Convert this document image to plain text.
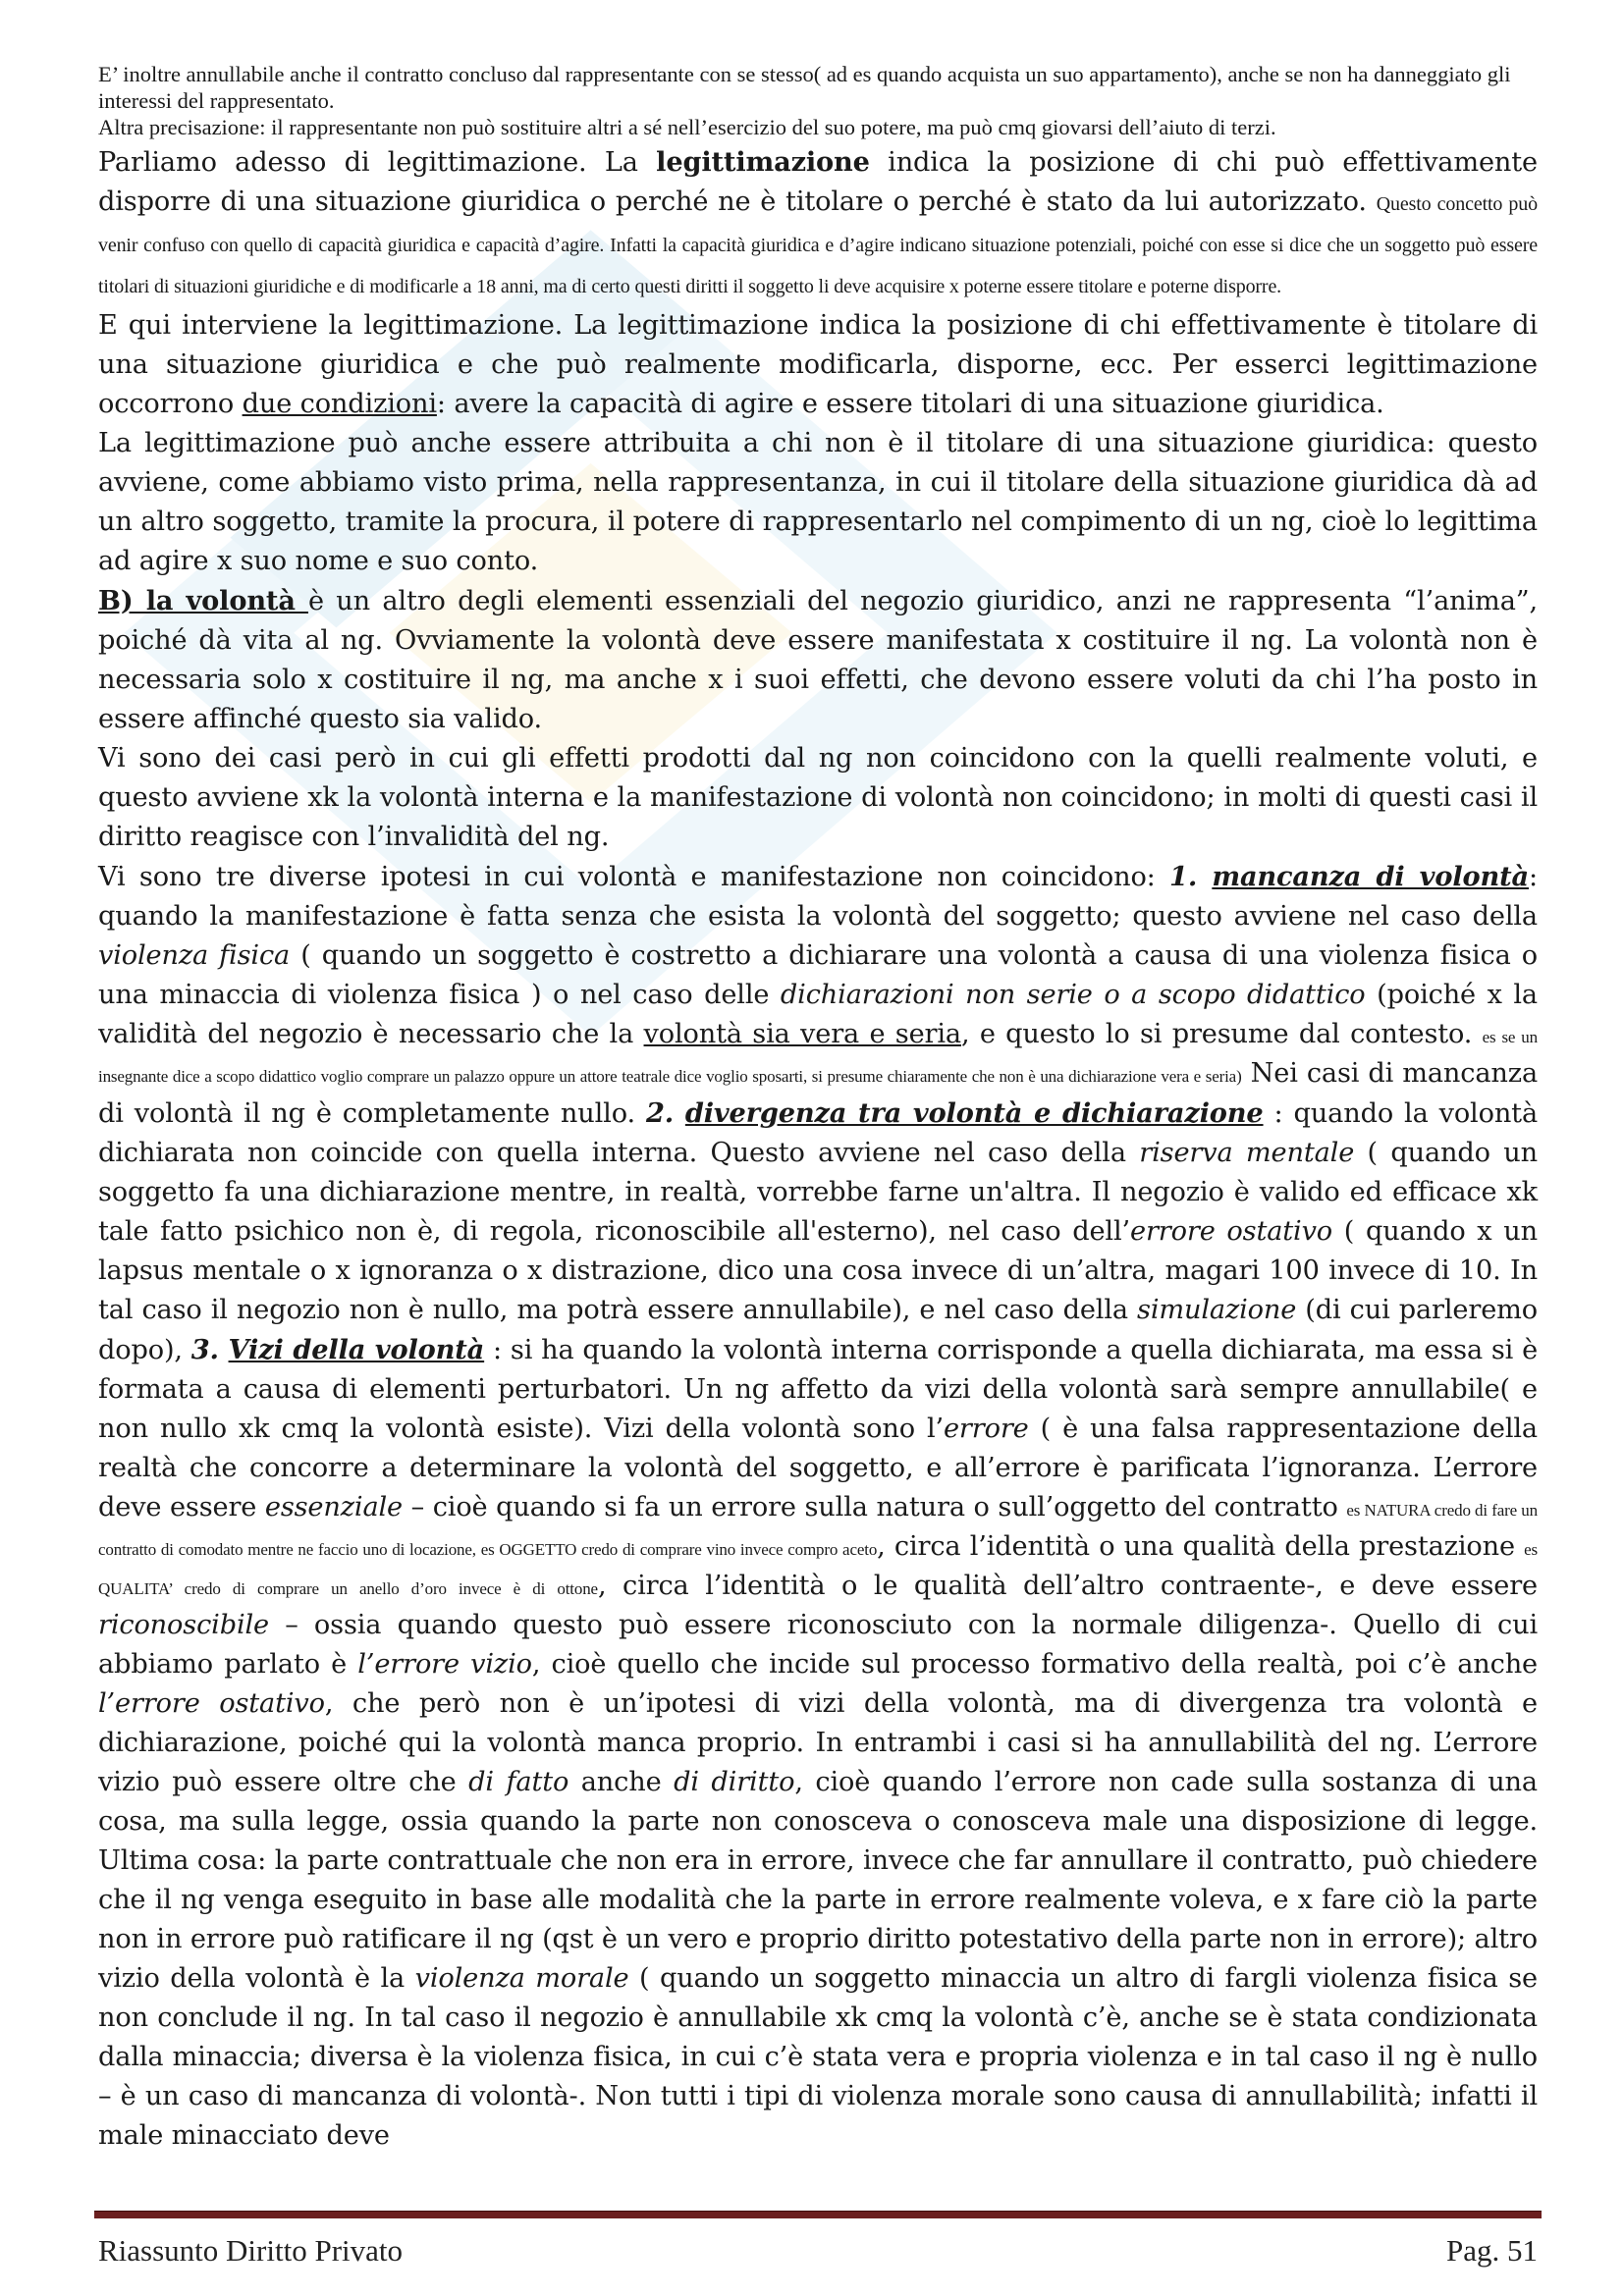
E’ inoltre annullabile anche il contratto concluso dal rappresentante con se stesso( ad es quando acquista un suo appartamento), anche se non ha danneggiato gli interessi del rappresentato.
Altra precisazione: il rappresentante non può sostituire altri a sé nell’esercizio del suo potere, ma può cmq giovarsi dell’aiuto di terzi.

Parliamo adesso di legittimazione. La legittimazione indica la posizione di chi può effettivamente disporre di una situazione giuridica o perché ne è titolare o perché è stato da lui autorizzato. Questo concetto può venir confuso con quello di capacità giuridica e capacità d’agire. Infatti la capacità giuridica e d’agire indicano situazione potenziali, poiché con esse si dice che un soggetto può essere titolari di situazioni giuridiche e di modificarle a 18 anni, ma di certo questi diritti il soggetto li deve acquisire x poterne essere titolare e poterne disporre.

E qui interviene la legittimazione. La legittimazione indica la posizione di chi effettivamente è titolare di una situazione giuridica e che può realmente modificarla, disporne, ecc. Per esserci legittimazione occorrono due condizioni: avere la capacità di agire e essere titolari di una situazione giuridica.

La legittimazione può anche essere attribuita a chi non è il titolare di una situazione giuridica: questo avviene, come abbiamo visto prima, nella rappresentanza, in cui il titolare della situazione giuridica dà ad un altro soggetto, tramite la procura, il potere di rappresentarlo nel compimento di un ng, cioè lo legittima ad agire x suo nome e suo conto.

B) la volontà è un altro degli elementi essenziali del negozio giuridico, anzi ne rappresenta “l’anima”, poiché dà vita al ng. Ovviamente la volontà deve essere manifestata x costituire il ng. La volontà non è necessaria solo x costituire il ng, ma anche x i suoi effetti, che devono essere voluti da chi l’ha posto in essere affinché questo sia valido.

Vi sono dei casi però in cui gli effetti prodotti dal ng non coincidono con la quelli realmente voluti, e questo avviene xk la volontà interna e la manifestazione di volontà non coincidono; in molti di questi casi il diritto reagisce con l’invalidità del ng.

Vi sono tre diverse ipotesi in cui volontà e manifestazione non coincidono: 1. mancanza di volontà: quando la manifestazione è fatta senza che esista la volontà del soggetto; questo avviene nel caso della violenza fisica ( quando un soggetto è costretto a dichiarare una volontà a causa di una violenza fisica o una minaccia di violenza fisica ) o nel caso delle dichiarazioni non serie o a scopo didattico (poiché x la validità del negozio è necessario che la volontà sia vera e seria, e questo lo si presume dal contesto. es se un insegnante dice a scopo didattico voglio comprare un palazzo oppure un attore teatrale dice voglio sposarti, si presume chiaramente che non è una dichiarazione vera e seria) Nei casi di mancanza di volontà il ng è completamente nullo. 2. divergenza tra volontà e dichiarazione : quando la volontà dichiarata non coincide con quella interna. Questo avviene nel caso della riserva mentale ( quando un soggetto fa una dichiarazione mentre, in realtà, vorrebbe farne un'altra. Il negozio è valido ed efficace xk tale fatto psichico non è, di regola, riconoscibile all'esterno), nel caso dell’errore ostativo ( quando x un lapsus mentale o x ignoranza o x distrazione, dico una cosa invece di un’altra, magari 100 invece di 10. In tal caso il negozio non è nullo, ma potrà essere annullabile), e nel caso della simulazione (di cui parleremo dopo), 3. Vizi della volontà : si ha quando la volontà interna corrisponde a quella dichiarata, ma essa si è formata a causa di elementi perturbatori. Un ng affetto da vizi della volontà sarà sempre annullabile( e non nullo xk cmq la volontà esiste). Vizi della volontà sono l’errore ( è una falsa rappresentazione della realtà che concorre a determinare la volontà del soggetto, e all’errore è parificata l’ignoranza. L’errore deve essere essenziale – cioè quando si fa un errore sulla natura o sull’oggetto del contratto es NATURA credo di fare un contratto di comodato mentre ne faccio uno di locazione, es OGGETTO credo di comprare vino invece compro aceto, circa l’identità o una qualità della prestazione es QUALITA’ credo di comprare un anello d’oro invece è di ottone, circa l’identità o le qualità dell’altro contraente-, e deve essere riconoscibile – ossia quando questo può essere riconosciuto con la normale diligenza-. Quello di cui abbiamo parlato è l’errore vizio, cioè quello che incide sul processo formativo della realtà, poi c’è anche l’errore ostativo, che però non è un’ipotesi di vizi della volontà, ma di divergenza tra volontà e dichiarazione, poiché qui la volontà manca proprio. In entrambi i casi si ha annullabilità del ng. L’errore vizio può essere oltre che di fatto anche di diritto, cioè quando l’errore non cade sulla sostanza di una cosa, ma sulla legge, ossia quando la parte non conosceva o conosceva male una disposizione di legge. Ultima cosa: la parte contrattuale che non era in errore, invece che far annullare il contratto, può chiedere che il ng venga eseguito in base alle modalità che la parte in errore realmente voleva, e x fare ciò la parte non in errore può ratificare il ng (qst è un vero e proprio diritto potestativo della parte non in errore); altro vizio della volontà è la violenza morale ( quando un soggetto minaccia un altro di fargli violenza fisica se non conclude il ng. In tal caso il negozio è annullabile xk cmq la volontà c’è, anche se è stata condizionata dalla minaccia; diversa è la violenza fisica, in cui c’è stata vera e propria violenza e in tal caso il ng è nullo – è un caso di mancanza di volontà-. Non tutti i tipi di violenza morale sono causa di annullabilità; infatti il male minacciato deve

Riassunto Diritto Privato	Pag. 51
